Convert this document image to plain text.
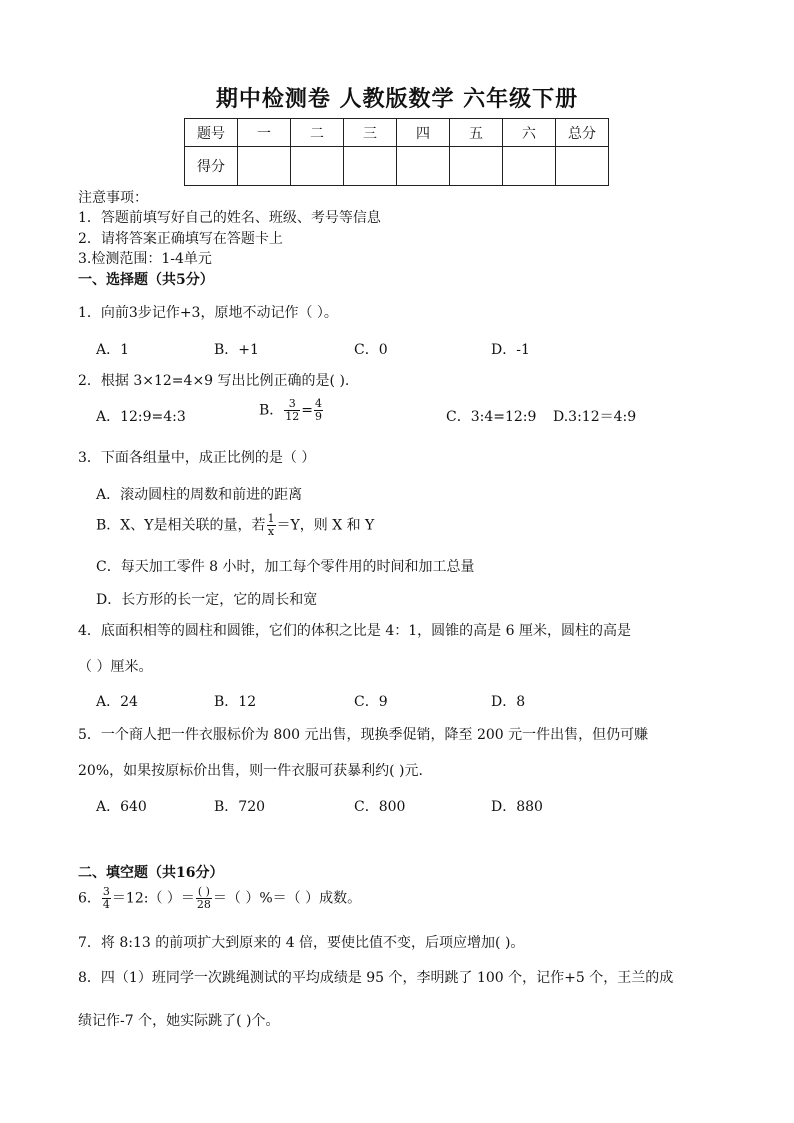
期中检测卷 人教版数学 六年级下册
题号	一	二	三	四	五	六	总分
得分							
注意事项：
1．答题前填写好自己的姓名、班级、考号等信息
2．请将答案正确填写在答题卡上
3.检测范围：1-4单元
一、选择题（共5分）
1．向前3步记作+3，原地不动记作（ ）。
A．1	B．+1	C．0	D．-1
2．根据 3×12=4×9 写出比例正确的是( ).
A．12:9=4:3	B． $\frac{3}{12} = \frac{4}{9}$	C．3:4=12:9 D.3:12＝4:9
3．下面各组量中，成正比例的是（ ）
A．滚动圆柱的周数和前进的距离
B．X、Y是相关联的量，若 $\frac{1}{x} =Y$，则 X 和 Y
C．每天加工零件 8 小时，加工每个零件用的时间和加工总量
D．长方形的长一定，它的周长和宽
4．底面积相等的圆柱和圆锥，它们的体积之比是 4：1，圆锥的高是 6 厘米，圆柱的高是
（ ）厘米。
A．24	B．12	C．9	D．8
5．一个商人把一件衣服标价为 800 元出售，现换季促销，降至 200 元一件出售，但仍可赚
20%，如果按原标价出售，则一件衣服可获暴利约( )元.
A．640	B．720	C．800	D．880
二、填空题（共16分）
6． $\frac{3}{4}$ ＝12:（ ）＝ $\frac{( )}{28}$ ＝（ ）%＝（ ）成数。
7．将 8:13 的前项扩大到原来的 4 倍，要使比值不变，后项应增加( )。
8．四（1）班同学一次跳绳测试的平均成绩是 95 个，李明跳了 100 个，记作+5 个，王兰的成
绩记作-7 个，她实际跳了( )个。
